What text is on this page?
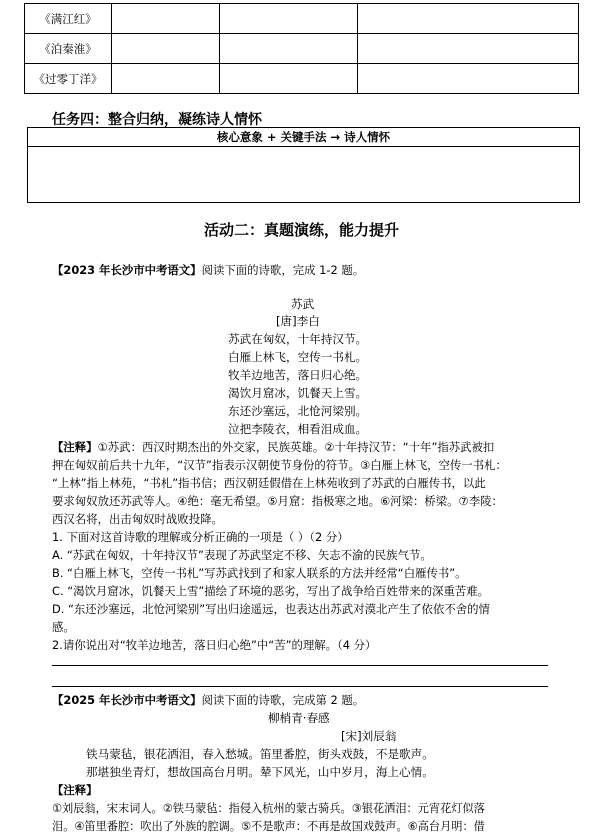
《满江红》			
《泊秦淮》			
《过零丁洋》			
任务四：整合归纳，凝练诗人情怀
核心意象 + 关键手法 → 诗人情怀

活动二：真题演练，能力提升
【2023 年长沙市中考语文】阅读下面的诗歌，完成 1-2 题。
苏武
[唐]李白
苏武在匈奴，十年持汉节。
白雁上林飞，空传一书札。
牧羊边地苦，落日归心绝。
渴饮月窟冰，饥餐天上雪。
东还沙塞远，北怆河梁别。
泣把李陵衣，相看泪成血。
【注释】①苏武：西汉时期杰出的外交家，民族英雄。②十年持汉节：“十年”指苏武被扣
押在匈奴前后共十九年，“汉节”指表示汉朝使节身份的符节。③白雁上林飞，空传一书札：
“上林”指上林苑，“书札”指书信；西汉朝廷假借在上林苑收到了苏武的白雁传书，以此
要求匈奴放还苏武等人。④绝：毫无希望。⑤月窟：指极寒之地。⑥河梁：桥梁。⑦李陵：
西汉名将，出击匈奴时战败投降。
1. 下面对这首诗歌的理解或分析正确的一项是（ ）（2 分）
A. “苏武在匈奴，十年持汉节”表现了苏武坚定不移、矢志不渝的民族气节。
B. “白雁上林飞，空传一书札”写苏武找到了和家人联系的方法并经常“白雁传书”。
C. “渴饮月窟冰，饥餐天上雪”描绘了环境的恶劣，写出了战争给百姓带来的深重苦难。
D. “东还沙塞远，北怆河梁别”写出归途遥远，也表达出苏武对漠北产生了依依不舍的情
感。
2.请你说出对“牧羊边地苦，落日归心绝”中“苦”的理解。（4 分）
【2025 年长沙市中考语文】阅读下面的诗歌，完成第 2 题。
柳梢青·春感
[宋]刘辰翁
铁马蒙毡，银花洒泪，春入愁城。笛里番腔，街头戏鼓，不是歌声。
那堪独坐青灯，想故国高台月明。辇下风光，山中岁月，海上心情。
【注释】
①刘辰翁，宋末词人。②铁马蒙毡：指侵入杭州的蒙古骑兵。③银花洒泪：元宵花灯似落
泪。④笛里番腔：吹出了外族的腔调。⑤不是歌声：不再是故国戏鼓声。⑥高台月明：借
